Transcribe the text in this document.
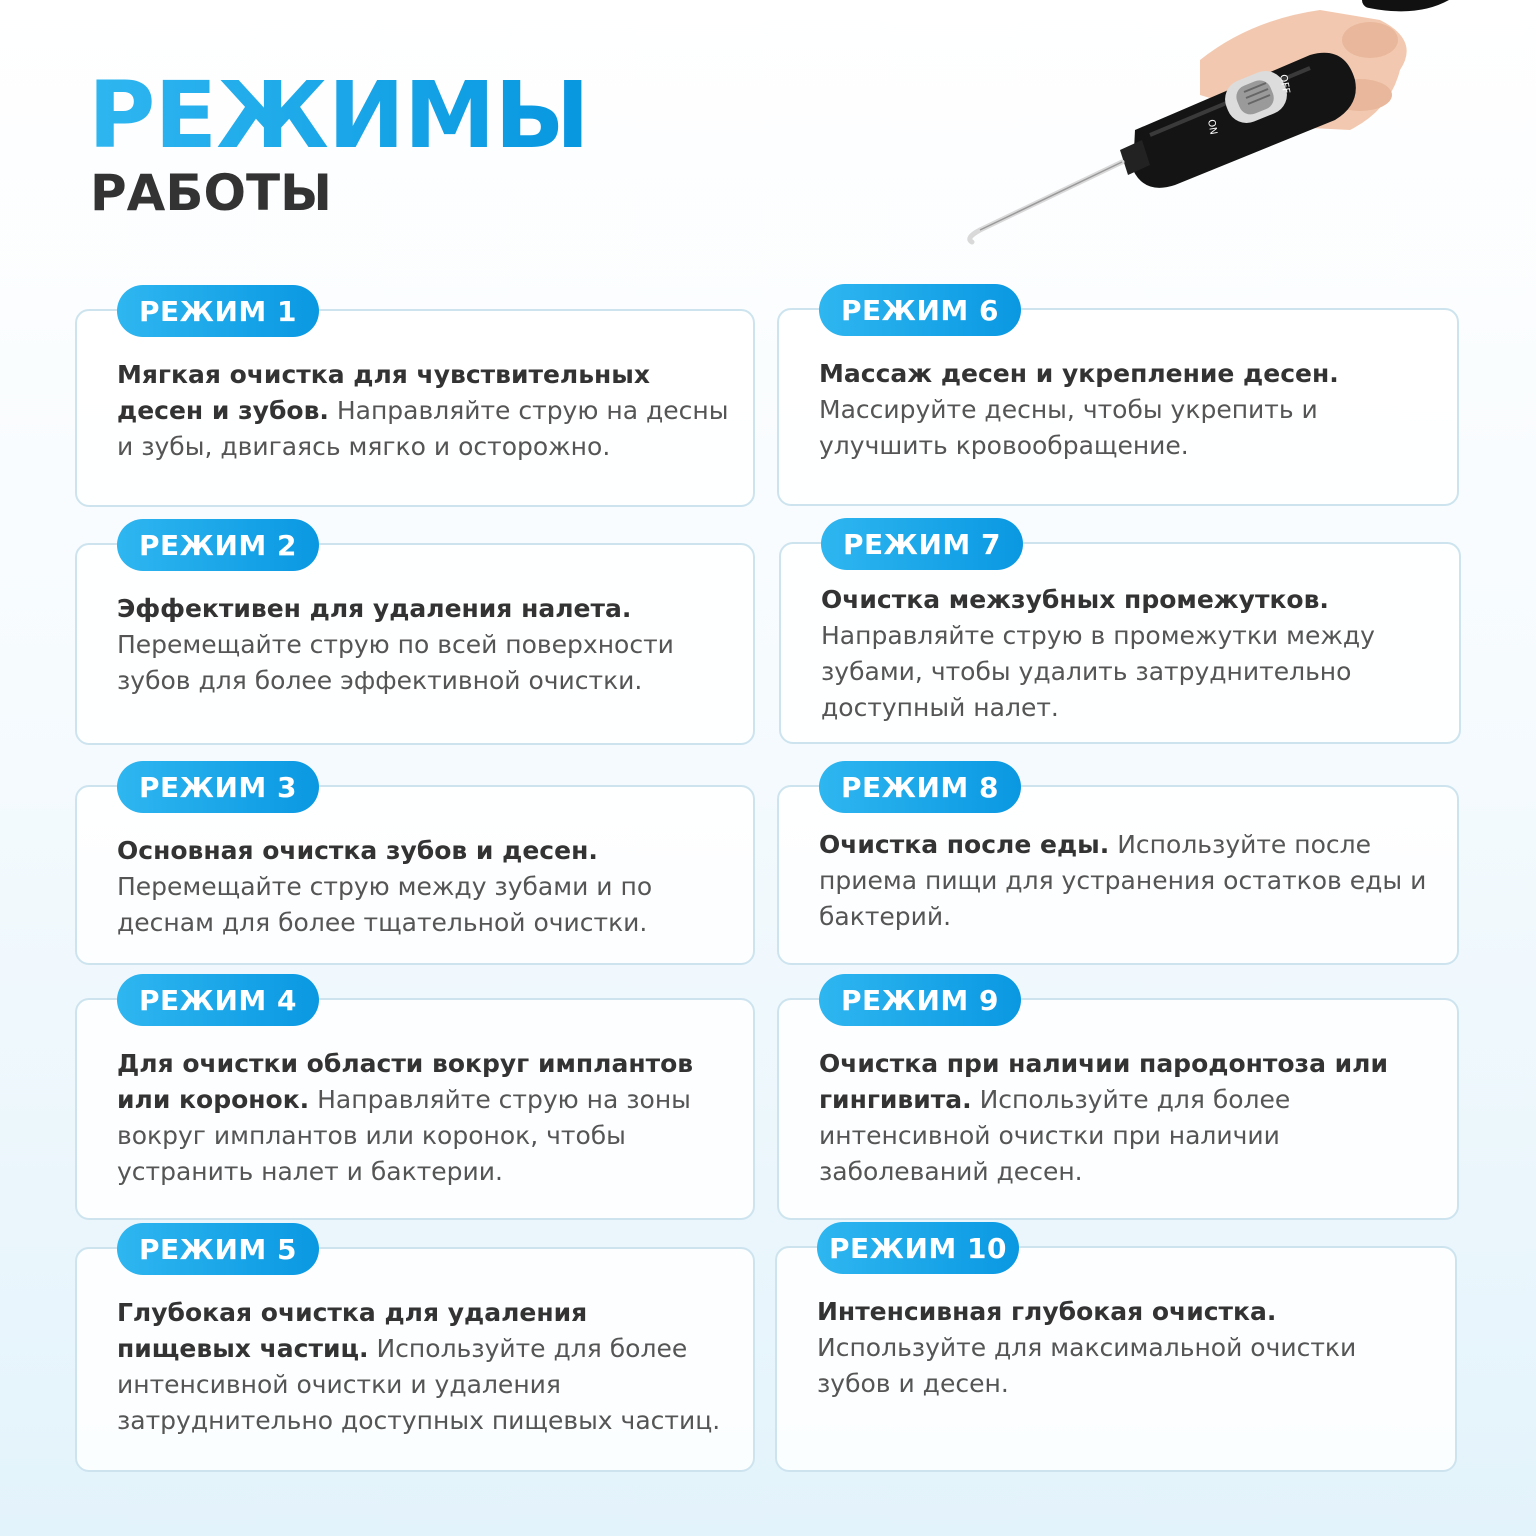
РЕЖИМЫ
РАБОТЫ
ON
OFF
РЕЖИМ 1
Мягкая очистка для чувствительных десен и зубов. Направляйте струю на десны и зубы, двигаясь мягко и осторожно.
РЕЖИМ 2
Эффективен для удаления налета. Перемещайте струю по всей поверхности зубов для более эффективной очистки.
РЕЖИМ 3
Основная очистка зубов и десен. Перемещайте струю между зубами и по деснам для более тщательной очистки.
РЕЖИМ 4
Для очистки области вокруг имплантов или коронок. Направляйте струю на зоны вокруг имплантов или коронок, чтобы устранить налет и бактерии.
РЕЖИМ 5
Глубокая очистка для удаления пищевых частиц. Используйте для более интенсивной очистки и удаления затруднительно доступных пищевых частиц.
РЕЖИМ 6
Массаж десен и укрепление десен. Массируйте десны, чтобы укрепить и улучшить кровообращение.
РЕЖИМ 7
Очистка межзубных промежутков. Направляйте струю в промежутки между зубами, чтобы удалить затруднительно доступный налет.
РЕЖИМ 8
Очистка после еды. Используйте после приема пищи для устранения остатков еды и бактерий.
РЕЖИМ 9
Очистка при наличии пародонтоза или гингивита. Используйте для более интенсивной очистки при наличии заболеваний десен.
РЕЖИМ 10
Интенсивная глубокая очистка. Используйте для максимальной очистки зубов и десен.
